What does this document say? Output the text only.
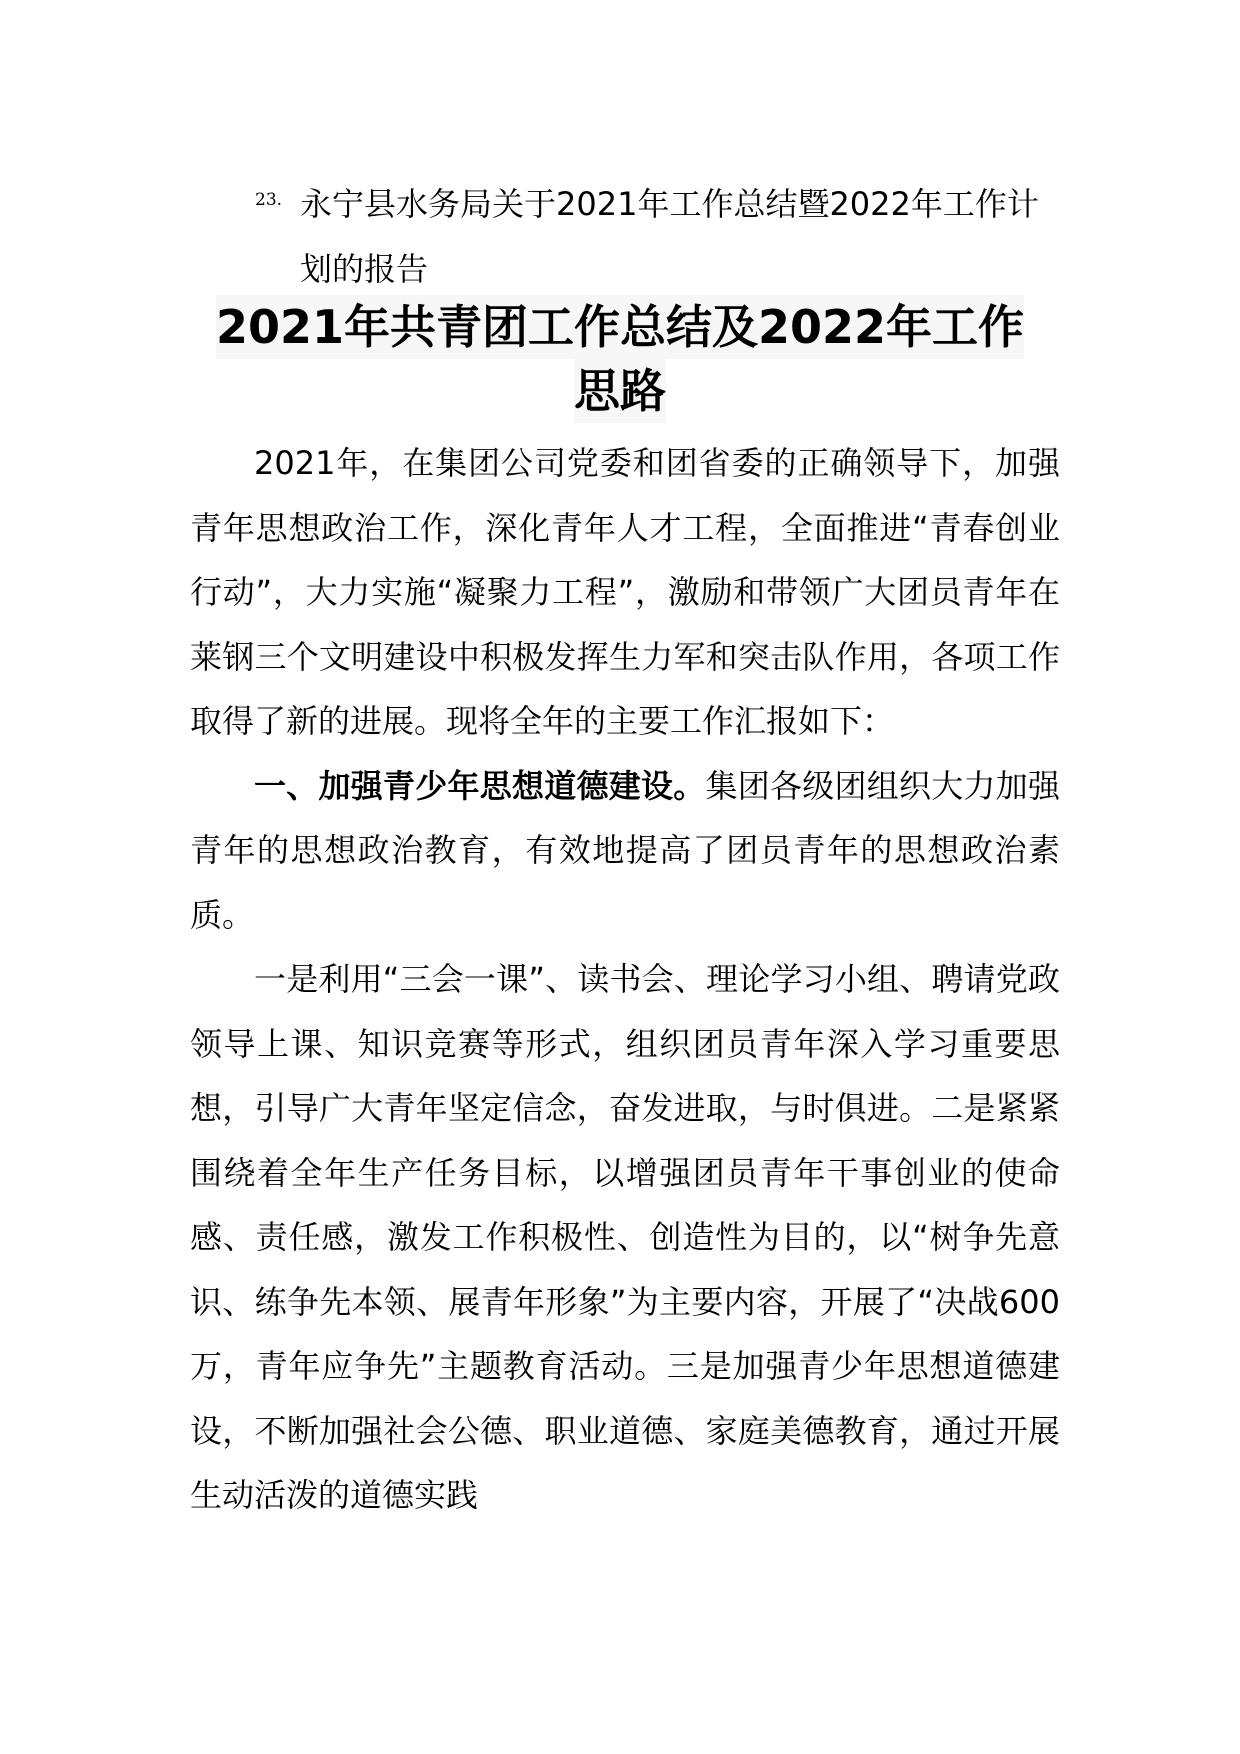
23. 永宁县水务局关于2021年工作总结暨2022年工作计划的报告
2021年共青团工作总结及2022年工作
思路

2021年，在集团公司党委和团省委的正确领导下，加强青年思想政治工作，深化青年人才工程，全面推进“青春创业行动”，大力实施“凝聚力工程”，激励和带领广大团员青年在莱钢三个文明建设中积极发挥生力军和突击队作用，各项工作取得了新的进展。现将全年的主要工作汇报如下：

一、加强青少年思想道德建设。集团各级团组织大力加强青年的思想政治教育，有效地提高了团员青年的思想政治素质。

一是利用“三会一课”、读书会、理论学习小组、聘请党政领导上课、知识竞赛等形式，组织团员青年深入学习重要思想，引导广大青年坚定信念，奋发进取，与时俱进。二是紧紧围绕着全年生产任务目标，以增强团员青年干事创业的使命感、责任感，激发工作积极性、创造性为目的，以“树争先意识、练争先本领、展青年形象”为主要内容，开展了“决战600万，青年应争先”主题教育活动。三是加强青少年思想道德建设，不断加强社会公德、职业道德、家庭美德教育，通过开展生动活泼的道德实践
